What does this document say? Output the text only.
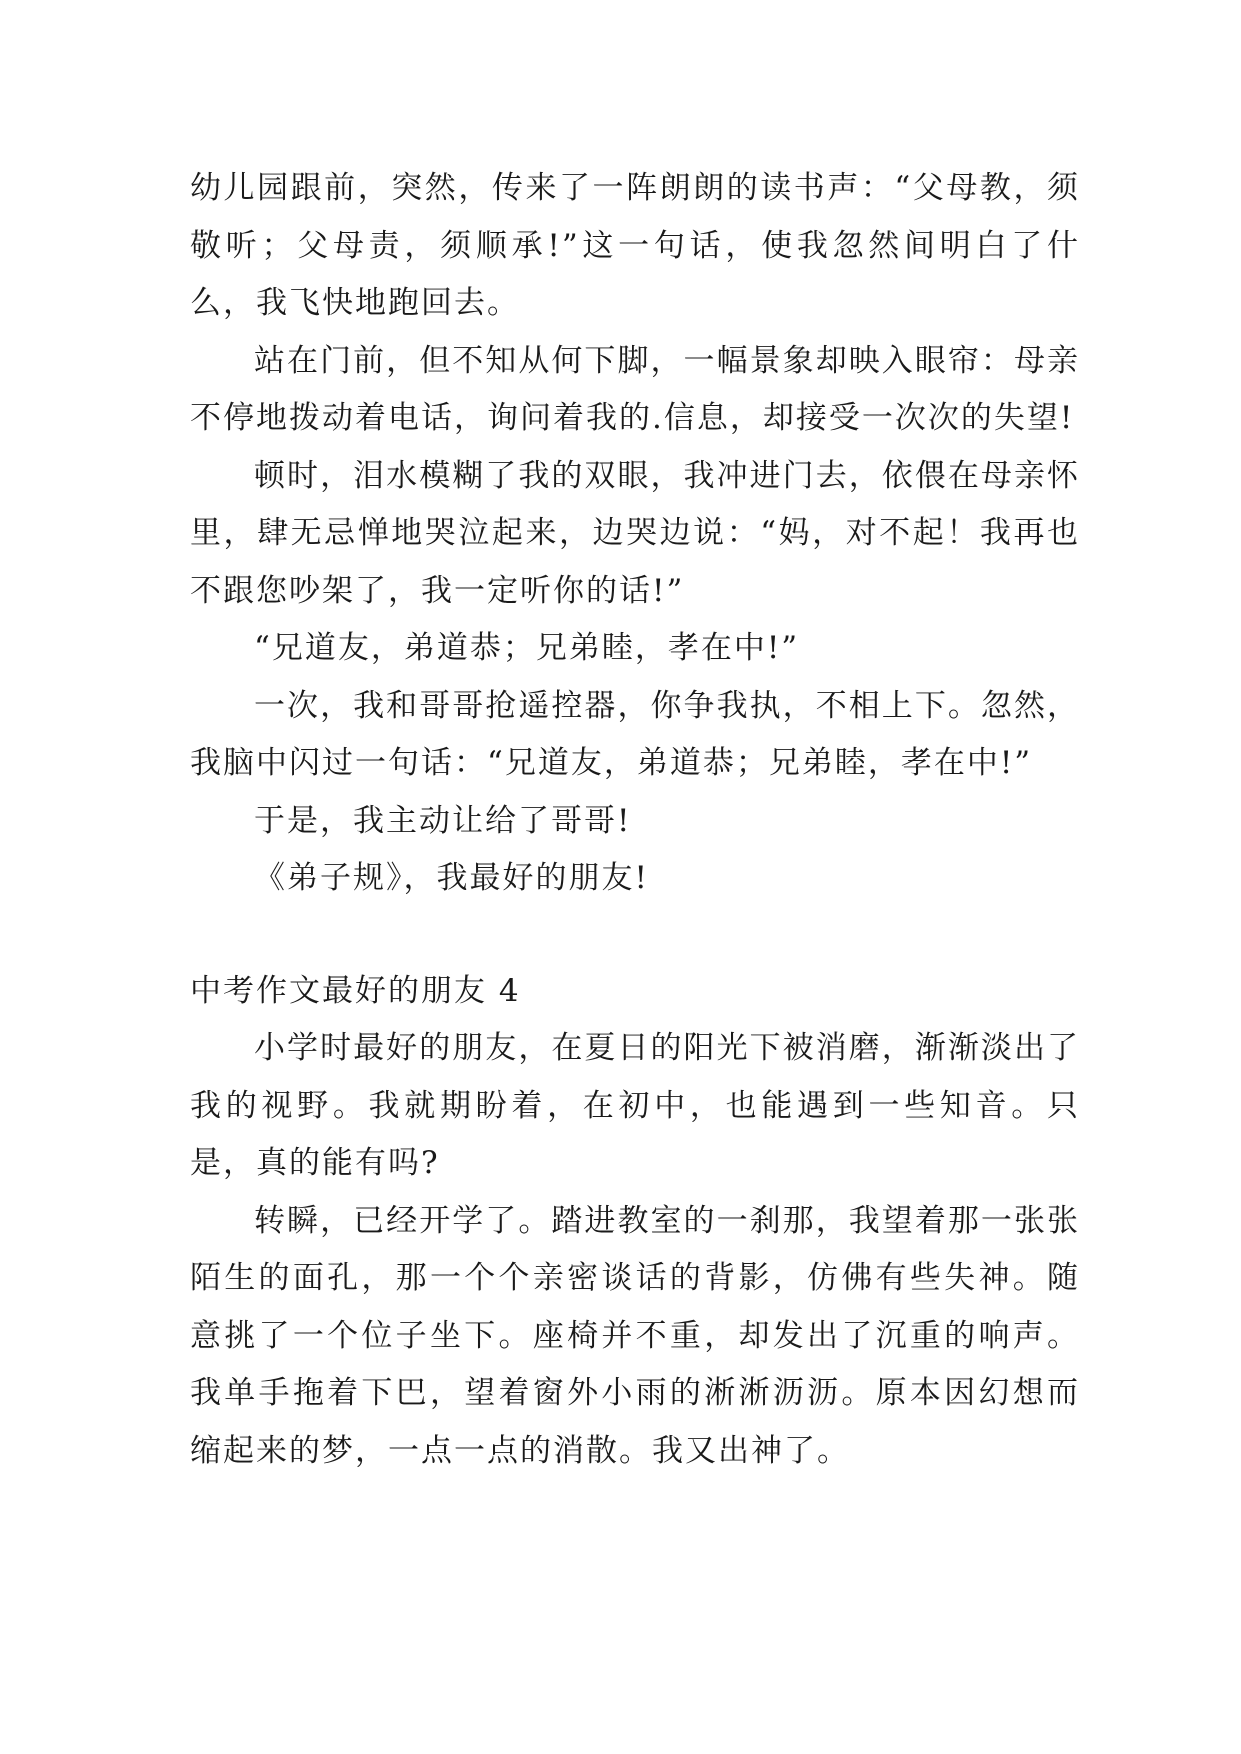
幼儿园跟前，突然，传来了一阵朗朗的读书声：“父母教，须敬听；父母责，须顺承!”这一句话，使我忽然间明白了什么，我飞快地跑回去。

站在门前，但不知从何下脚，一幅景象却映入眼帘：母亲不停地拨动着电话，询问着我的.信息，却接受一次次的失望!

顿时，泪水模糊了我的双眼，我冲进门去，依偎在母亲怀里，肆无忌惮地哭泣起来，边哭边说：“妈，对不起！我再也不跟您吵架了，我一定听你的话!”

“兄道友，弟道恭；兄弟睦，孝在中!”

一次，我和哥哥抢遥控器，你争我执，不相上下。忽然，我脑中闪过一句话：“兄道友，弟道恭；兄弟睦，孝在中!”

于是，我主动让给了哥哥!

《弟子规》，我最好的朋友!

中考作文最好的朋友 4

小学时最好的朋友，在夏日的阳光下被消磨，渐渐淡出了我的视野。我就期盼着，在初中，也能遇到一些知音。只是，真的能有吗?

转瞬，已经开学了。踏进教室的一刹那，我望着那一张张陌生的面孔，那一个个亲密谈话的背影，仿佛有些失神。随意挑了一个位子坐下。座椅并不重，却发出了沉重的响声。我单手拖着下巴，望着窗外小雨的淅淅沥沥。原本因幻想而缩起来的梦，一点一点的消散。我又出神了。
